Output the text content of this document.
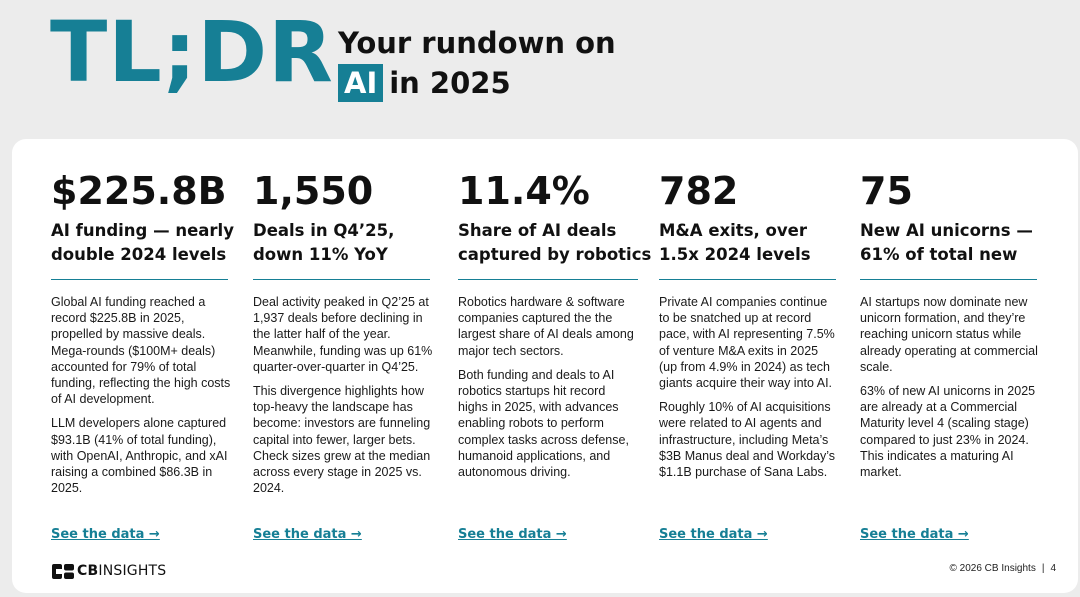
TL;DR Your rundown on
AI in 2025
$225.8B
AI funding — nearly
double 2024 levels

Global AI funding reached a record $225.8B in 2025, propelled by massive deals. Mega-rounds ($100M+ deals) accounted for 79% of total funding, reflecting the high costs of AI development.

LLM developers alone captured $93.1B (41% of total funding), with OpenAI, Anthropic, and xAI raising a combined $86.3B in 2025.

See the data →
1,550
Deals in Q4’25,
down 11% YoY

Deal activity peaked in Q2’25 at 1,937 deals before declining in the latter half of the year. Meanwhile, funding was up 61% quarter-over-quarter in Q4’25.

This divergence highlights how top-heavy the landscape has become: investors are funneling capital into fewer, larger bets. Check sizes grew at the median across every stage in 2025 vs. 2024.

See the data →
11.4%
Share of AI deals
captured by robotics

Robotics hardware & software companies captured the the largest share of AI deals among major tech sectors.

Both funding and deals to AI robotics startups hit record highs in 2025, with advances enabling robots to perform complex tasks across defense, humanoid applications, and autonomous driving.

See the data →
782
M&A exits, over
1.5x 2024 levels

Private AI companies continue to be snatched up at record pace, with AI representing 7.5% of venture M&A exits in 2025 (up from 4.9% in 2024) as tech giants acquire their way into AI.

Roughly 10% of AI acquisitions were related to AI agents and infrastructure, including Meta’s $3B Manus deal and Workday’s $1.1B purchase of Sana Labs.

See the data →
75
New AI unicorns —
61% of total new

AI startups now dominate new unicorn formation, and they’re reaching unicorn status while already operating at commercial scale.

63% of new AI unicorns in 2025 are already at a Commercial Maturity level 4 (scaling stage) compared to just 23% in 2024. This indicates a maturing AI market.

See the data →
CBINSIGHTS	© 2026 CB Insights | 4
